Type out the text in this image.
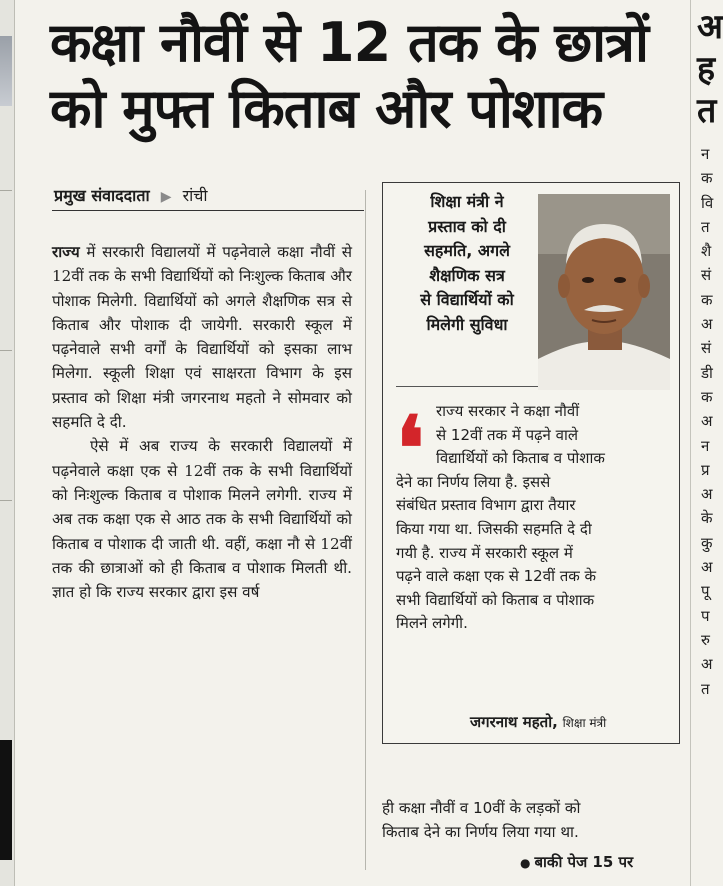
अ
ह
त
न
क
वि
त
शै
सं
क
अ
सं
डी
क
अ
न
प्र
अ
के
कु
अ
पू
प
रु
अ
त
कक्षा नौवीं से 12 तक के छात्रों
को मुफ्त किताब और पोशाक
प्रमुख संवाददाता ▶ रांची

राज्य में सरकारी विद्यालयों में पढ़नेवाले कक्षा नौवीं से 12वीं तक के सभी विद्यार्थियों को निःशुल्क किताब और पोशाक मिलेगी. विद्यार्थियों को अगले शैक्षणिक सत्र से किताब और पोशाक दी जायेगी. सरकारी स्कूल में पढ़नेवाले सभी वर्गों के विद्यार्थियों को इसका लाभ मिलेगा. स्कूली शिक्षा एवं साक्षरता विभाग के इस प्रस्ताव को शिक्षा मंत्री जगरनाथ महतो ने सोमवार को सहमति दे दी.

ऐसे में अब राज्य के सरकारी विद्यालयों में पढ़नेवाले कक्षा एक से 12वीं तक के सभी विद्यार्थियों को निःशुल्क किताब व पोशाक मिलने लगेगी. राज्य में अब तक कक्षा एक से आठ तक के सभी विद्यार्थियों को किताब व पोशाक दी जाती थी. वहीं, कक्षा नौ से 12वीं तक की छात्राओं को ही किताब व पोशाक मिलती थी. ज्ञात हो कि राज्य सरकार द्वारा इस वर्ष

शिक्षा मंत्री ने
प्रस्ताव को दी
सहमति, अगले
शैक्षणिक सत्र
से विद्यार्थियों को
मिलेगी सुविधा
❛ राज्य सरकार ने कक्षा नौवीं
से 12वीं तक में पढ़ने वाले
विद्यार्थियों को किताब व पोशाक
देने का निर्णय लिया है. इससे
संबंधित प्रस्ताव विभाग द्वारा तैयार
किया गया था. जिसकी सहमति दे दी
गयी है. राज्य में सरकारी स्कूल में
पढ़ने वाले कक्षा एक से 12वीं तक के
सभी विद्यार्थियों को किताब व पोशाक
मिलने लगेगी.
जगरनाथ महतो, शिक्षा मंत्री
ही कक्षा नौवीं व 10वीं के लड़कों को
किताब देने का निर्णय लिया गया था.
● बाकी पेज 15 पर
